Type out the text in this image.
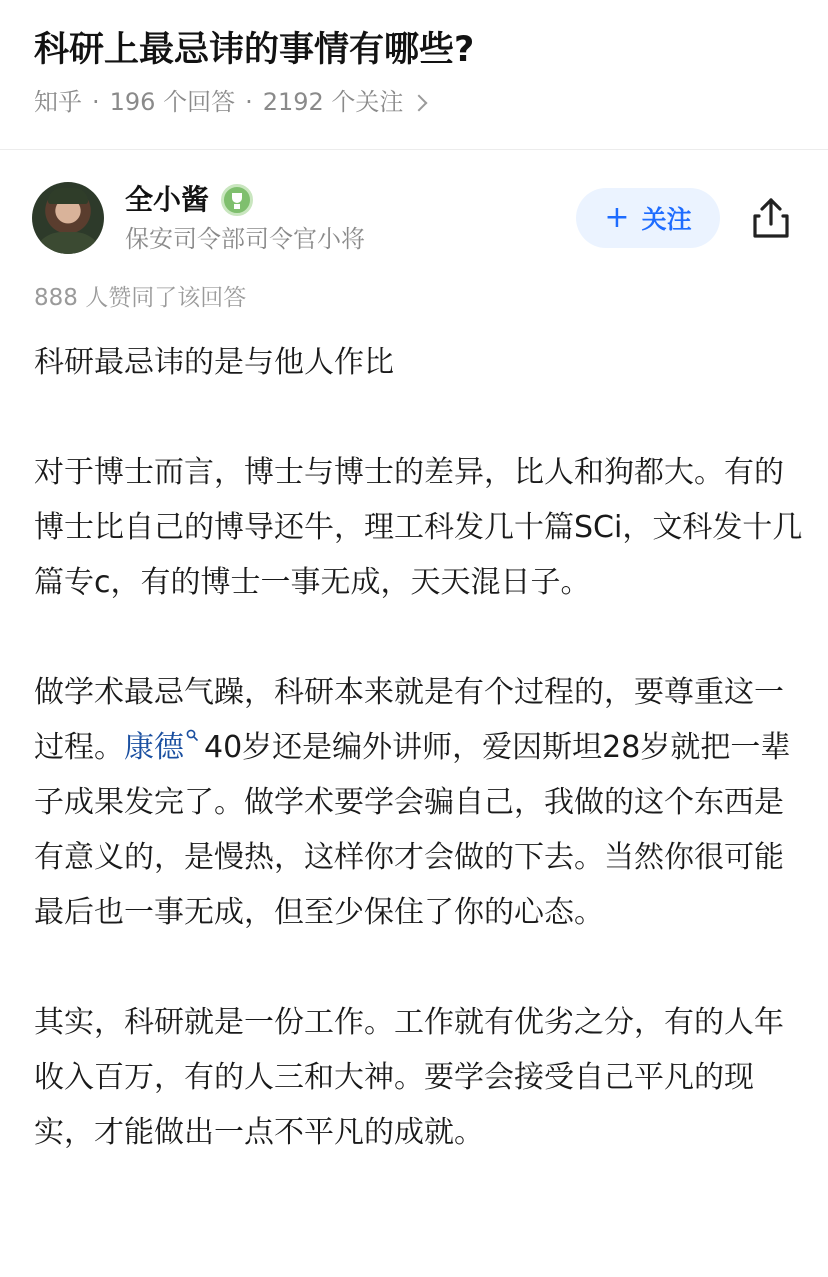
科研上最忌讳的事情有哪些?
知乎 · 196 个回答 · 2192 个关注
全小酱
保安司令部司令官小将
+ 关注
888 人赞同了该回答

科研最忌讳的是与他人作比

对于博士而言，博士与博士的差异，比人和狗都大。有的博士比自己的博导还牛，理工科发几十篇SCi，文科发十几篇专c，有的博士一事无成，天天混日子。

做学术最忌气躁，科研本来就是有个过程的，要尊重这一过程。康德 40岁还是编外讲师，爱因斯坦28岁就把一辈子成果发完了。做学术要学会骗自己，我做的这个东西是有意义的，是慢热，这样你才会做的下去。当然你很可能最后也一事无成，但至少保住了你的心态。

其实，科研就是一份工作。工作就有优劣之分，有的人年收入百万，有的人三和大神。要学会接受自己平凡的现实，才能做出一点不平凡的成就。
